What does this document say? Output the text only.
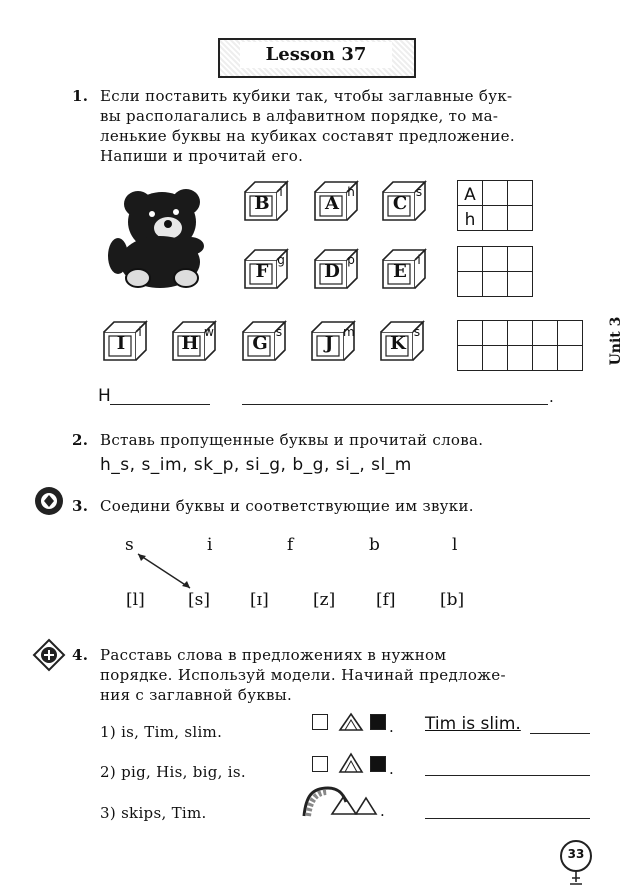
Lesson 37
1. Если поставить кубики так, чтобы заглавные бук-
вы располагались в алфавитном порядке, то ма-
ленькие буквы на кубиках составят предложение.
Напиши и прочитай его.
B
i
A
h
C
s
F
g
D
p
E
i
I
i
H
w
G
s
J
m
K
s
A		
h		

Unit 3
H	.
2. Вставь пропущенные буквы и прочитай слова.
h_s, s_im, sk_p, si_g, b_g, si_, sl_m
3. Соедини буквы и соответствующие им звуки.
s	i	f	b	l
[l]	[s] [ɪ]	[z] [f]	[b]
4. Расставь слова в предложениях в нужном
порядке. Используй модели. Начинай предложе-
ния с заглавной буквы.
1) is, Tim, slim.	. Tim is slim.
2) pig, His, big, is.	.
3) skips, Tim.	.
33
